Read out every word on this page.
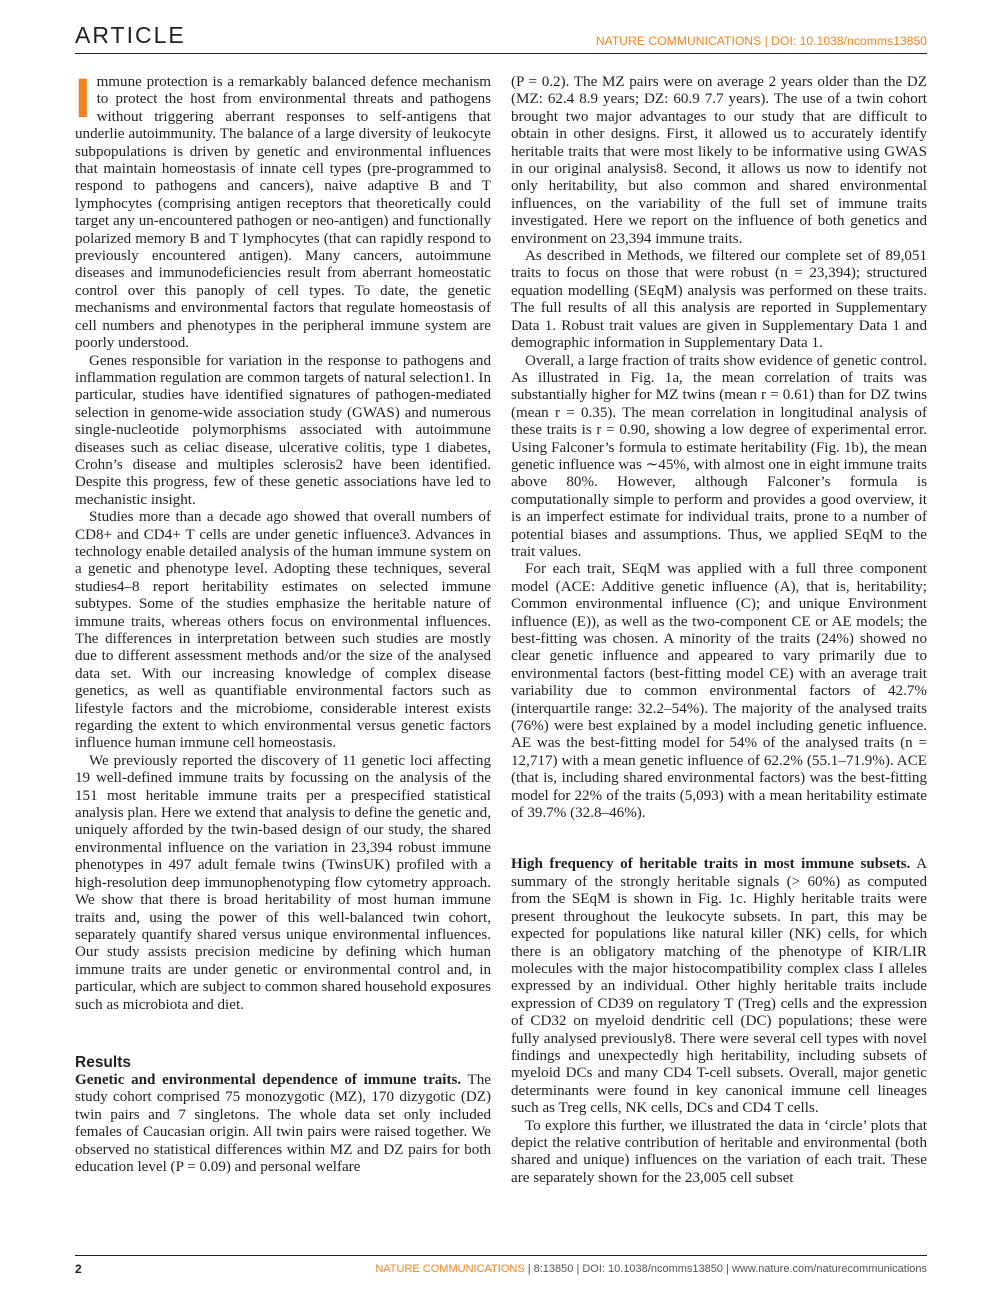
ARTICLE	NATURE COMMUNICATIONS | DOI: 10.1038/ncomms13850

Immune protection is a remarkably balanced defence mechanism to protect the host from environmental threats and pathogens without triggering aberrant responses to self-antigens that underlie autoimmunity. The balance of a large diversity of leukocyte subpopulations is driven by genetic and environmental influences that maintain homeostasis of innate cell types (pre-programmed to respond to pathogens and cancers), naive adaptive B and T lymphocytes (comprising antigen receptors that theoretically could target any un-encountered pathogen or neo-antigen) and functionally polarized memory B and T lymphocytes (that can rapidly respond to previously encountered antigen). Many cancers, autoimmune diseases and immunodeficiencies result from aberrant homeostatic control over this panoply of cell types. To date, the genetic mechanisms and environmental factors that regulate homeostasis of cell numbers and phenotypes in the peripheral immune system are poorly understood.

Genes responsible for variation in the response to pathogens and inflammation regulation are common targets of natural selection1. In particular, studies have identified signatures of pathogen-mediated selection in genome-wide association study (GWAS) and numerous single-nucleotide polymorphisms associated with autoimmune diseases such as celiac disease, ulcerative colitis, type 1 diabetes, Crohn’s disease and multiples sclerosis2 have been identified. Despite this progress, few of these genetic associations have led to mechanistic insight.

Studies more than a decade ago showed that overall numbers of CD8+ and CD4+ T cells are under genetic influence3. Advances in technology enable detailed analysis of the human immune system on a genetic and phenotype level. Adopting these techniques, several studies4–8 report heritability estimates on selected immune subtypes. Some of the studies emphasize the heritable nature of immune traits, whereas others focus on environmental influences. The differences in interpretation between such studies are mostly due to different assessment methods and/or the size of the analysed data set. With our increasing knowledge of complex disease genetics, as well as quantifiable environmental factors such as lifestyle factors and the microbiome, considerable interest exists regarding the extent to which environmental versus genetic factors influence human immune cell homeostasis.

We previously reported the discovery of 11 genetic loci affecting 19 well-defined immune traits by focussing on the analysis of the 151 most heritable immune traits per a prespecified statistical analysis plan. Here we extend that analysis to define the genetic and, uniquely afforded by the twin-based design of our study, the shared environmental influence on the variation in 23,394 robust immune phenotypes in 497 adult female twins (TwinsUK) profiled with a high-resolution deep immunophenotyping flow cytometry approach. We show that there is broad heritability of most human immune traits and, using the power of this well-balanced twin cohort, separately quantify shared versus unique environmental influences. Our study assists precision medicine by defining which human immune traits are under genetic or environmental control and, in particular, which are subject to common shared household exposures such as microbiota and diet.

Results

Genetic and environmental dependence of immune traits. The study cohort comprised 75 monozygotic (MZ), 170 dizygotic (DZ) twin pairs and 7 singletons. The whole data set only included females of Caucasian origin. All twin pairs were raised together. We observed no statistical differences within MZ and DZ pairs for both education level (P = 0.09) and personal welfare

(P = 0.2). The MZ pairs were on average 2 years older than the DZ (MZ: 62.4 8.9 years; DZ: 60.9 7.7 years). The use of a twin cohort brought two major advantages to our study that are difficult to obtain in other designs. First, it allowed us to accurately identify heritable traits that were most likely to be informative using GWAS in our original analysis8. Second, it allows us now to identify not only heritability, but also common and shared environmental influences, on the variability of the full set of immune traits investigated. Here we report on the influence of both genetics and environment on 23,394 immune traits.

As described in Methods, we filtered our complete set of 89,051 traits to focus on those that were robust (n = 23,394); structured equation modelling (SEqM) analysis was performed on these traits. The full results of all this analysis are reported in Supplementary Data 1. Robust trait values are given in Supplementary Data 1 and demographic information in Supplementary Data 1.

Overall, a large fraction of traits show evidence of genetic control. As illustrated in Fig. 1a, the mean correlation of traits was substantially higher for MZ twins (mean r = 0.61) than for DZ twins (mean r = 0.35). The mean correlation in longitudinal analysis of these traits is r = 0.90, showing a low degree of experimental error. Using Falconer’s formula to estimate heritability (Fig. 1b), the mean genetic influence was ∼45%, with almost one in eight immune traits above 80%. However, although Falconer’s formula is computationally simple to perform and provides a good overview, it is an imperfect estimate for individual traits, prone to a number of potential biases and assumptions. Thus, we applied SEqM to the trait values.

For each trait, SEqM was applied with a full three component model (ACE: Additive genetic influence (A), that is, heritability; Common environmental influence (C); and unique Environment influence (E)), as well as the two-component CE or AE models; the best-fitting was chosen. A minority of the traits (24%) showed no clear genetic influence and appeared to vary primarily due to environmental factors (best-fitting model CE) with an average trait variability due to common environmental factors of 42.7% (interquartile range: 32.2–54%). The majority of the analysed traits (76%) were best explained by a model including genetic influence. AE was the best-fitting model for 54% of the analysed traits (n = 12,717) with a mean genetic influence of 62.2% (55.1–71.9%). ACE (that is, including shared environmental factors) was the best-fitting model for 22% of the traits (5,093) with a mean heritability estimate of 39.7% (32.8–46%).

High frequency of heritable traits in most immune subsets. A summary of the strongly heritable signals (> 60%) as computed from the SEqM is shown in Fig. 1c. Highly heritable traits were present throughout the leukocyte subsets. In part, this may be expected for populations like natural killer (NK) cells, for which there is an obligatory matching of the phenotype of KIR/LIR molecules with the major histocompatibility complex class I alleles expressed by an individual. Other highly heritable traits include expression of CD39 on regulatory T (Treg) cells and the expression of CD32 on myeloid dendritic cell (DC) populations; these were fully analysed previously8. There were several cell types with novel findings and unexpectedly high heritability, including subsets of myeloid DCs and many CD4 T-cell subsets. Overall, major genetic determinants were found in key canonical immune cell lineages such as Treg cells, NK cells, DCs and CD4 T cells.

To explore this further, we illustrated the data in ‘circle’ plots that depict the relative contribution of heritable and environmental (both shared and unique) influences on the variation of each trait. These are separately shown for the 23,005 cell subset

2	NATURE COMMUNICATIONS | 8:13850 | DOI: 10.1038/ncomms13850 | www.nature.com/naturecommunications
